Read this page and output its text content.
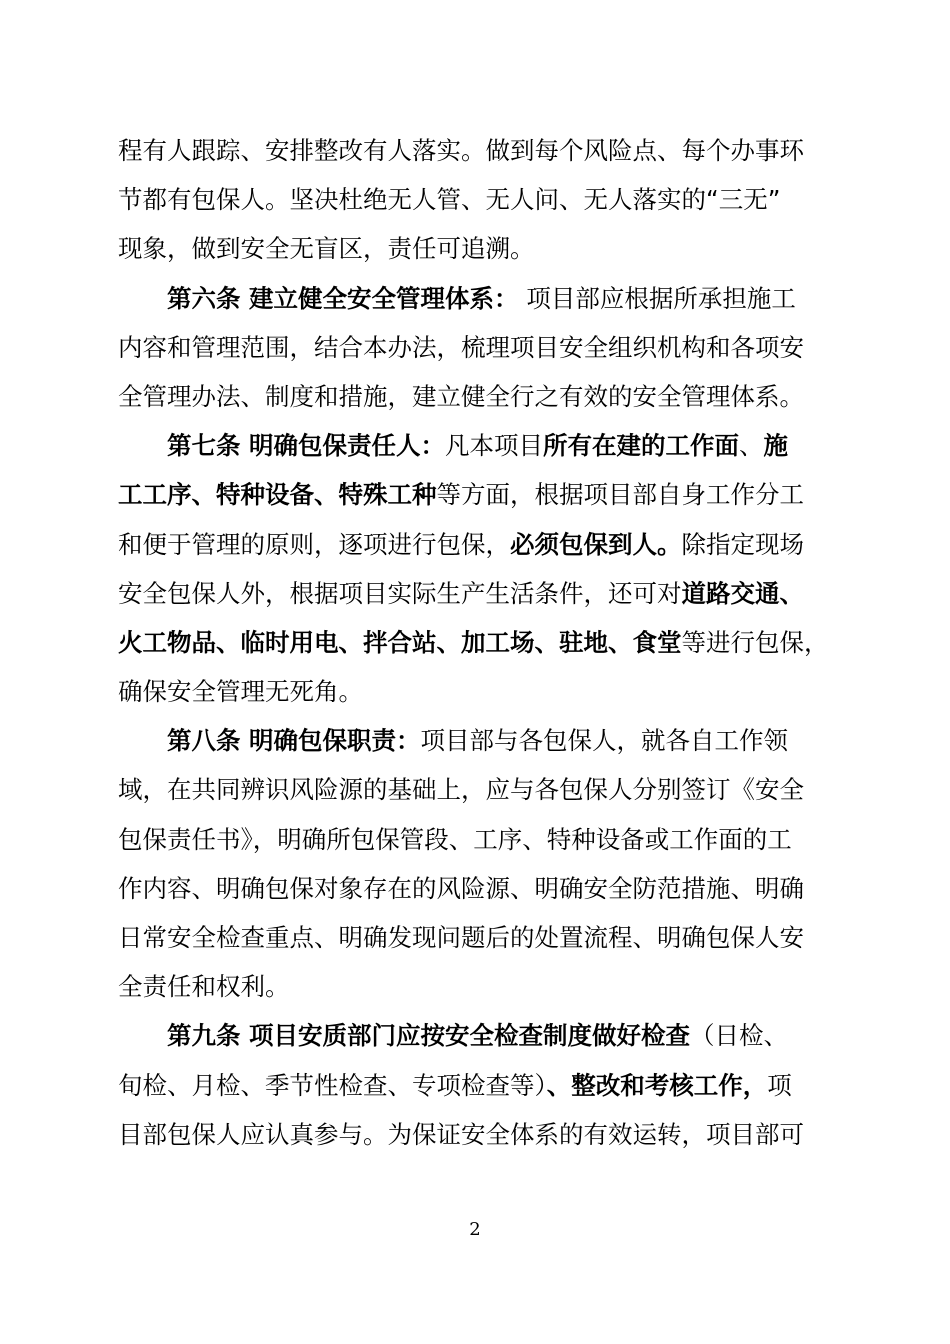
程有人跟踪、安排整改有人落实。做到每个风险点、每个办事环
节都有包保人。坚决杜绝无人管、无人问、无人落实的“三无”
现象，做到安全无盲区，责任可追溯。
　　第六条 建立健全安全管理体系： 项目部应根据所承担施工
内容和管理范围，结合本办法，梳理项目安全组织机构和各项安
全管理办法、制度和措施，建立健全行之有效的安全管理体系。
　　第七条 明确包保责任人：凡本项目所有在建的工作面、施
工工序、特种设备、特殊工种等方面，根据项目部自身工作分工
和便于管理的原则，逐项进行包保，必须包保到人。除指定现场
安全包保人外，根据项目实际生产生活条件，还可对道路交通、
火工物品、临时用电、拌合站、加工场、驻地、食堂等进行包保，
确保安全管理无死角。
　　第八条 明确包保职责：项目部与各包保人，就各自工作领
域，在共同辨识风险源的基础上，应与各包保人分别签订《安全
包保责任书》，明确所包保管段、工序、特种设备或工作面的工
作内容、明确包保对象存在的风险源、明确安全防范措施、明确
日常安全检查重点、明确发现问题后的处置流程、明确包保人安
全责任和权利。
　　第九条 项目安质部门应按安全检查制度做好检查（日检、
旬检、月检、季节性检查、专项检查等）、整改和考核工作，项
目部包保人应认真参与。为保证安全体系的有效运转，项目部可
2
